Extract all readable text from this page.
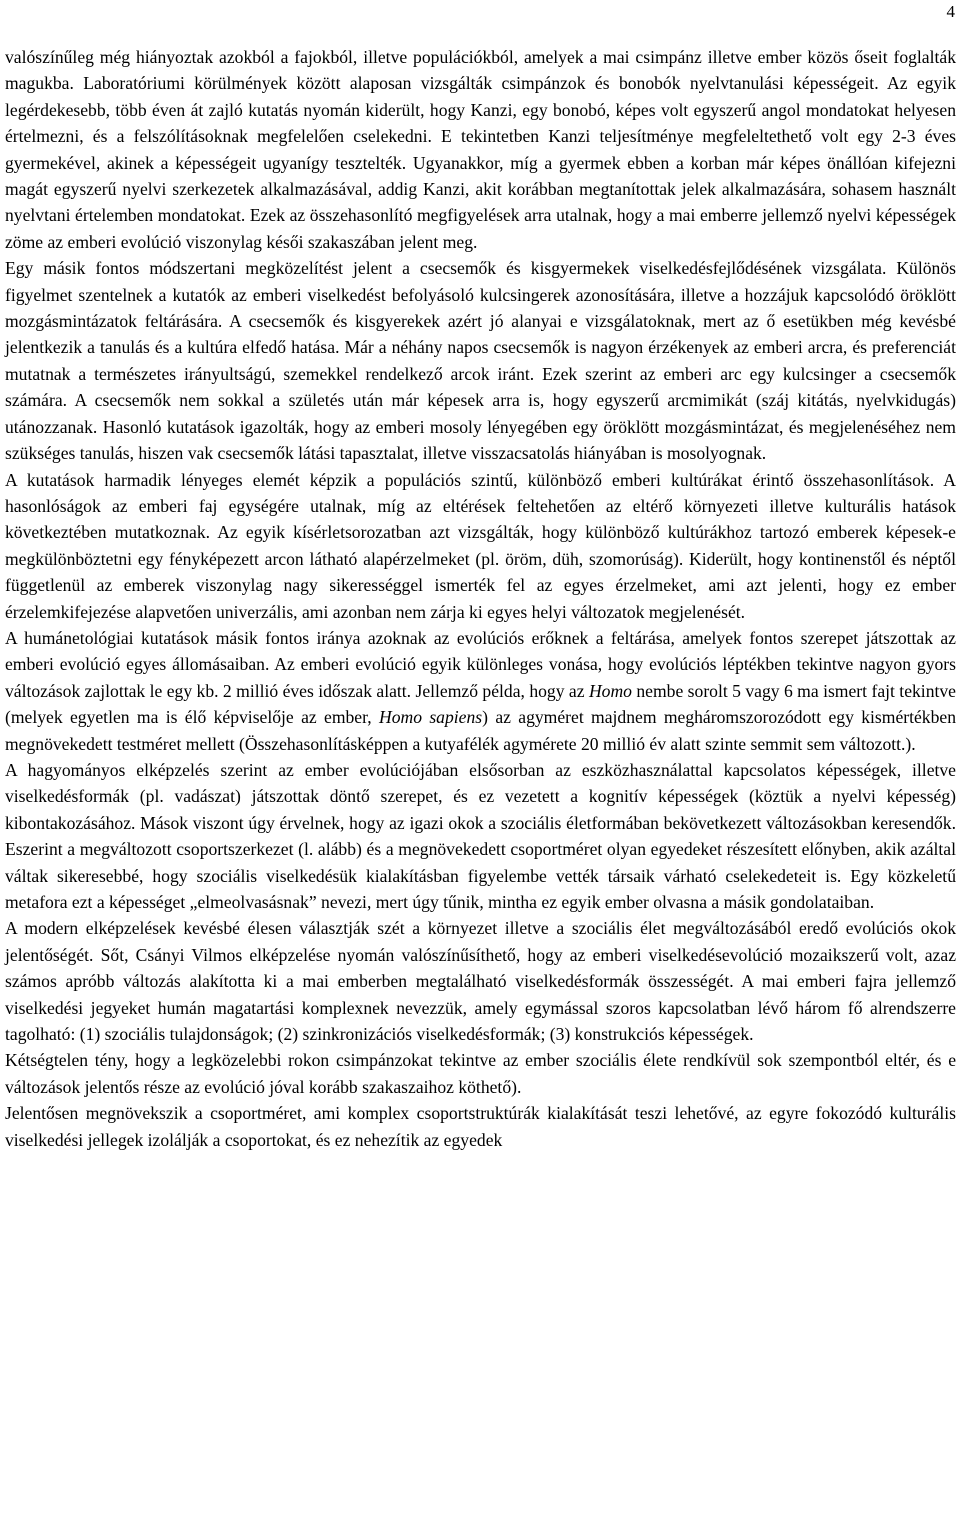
4

valószínűleg még hiányoztak azokból a fajokból, illetve populációkból, amelyek a mai csimpánz illetve ember közös őseit foglalták magukba. Laboratóriumi körülmények között alaposan vizsgálták csimpánzok és bonobók nyelvtanulási képességeit. Az egyik legérdekesebb, több éven át zajló kutatás nyomán kiderült, hogy Kanzi, egy bonobó, képes volt egyszerű angol mondatokat helyesen értelmezni, és a felszólításoknak megfelelően cselekedni. E tekintetben Kanzi teljesítménye megfeleltethető volt egy 2-3 éves gyermekével, akinek a képességeit ugyanígy tesztelték. Ugyanakkor, míg a gyermek ebben a korban már képes önállóan kifejezni magát egyszerű nyelvi szerkezetek alkalmazásával, addig Kanzi, akit korábban megtanítottak jelek alkalmazására, sohasem használt nyelvtani értelemben mondatokat. Ezek az összehasonlító megfigyelések arra utalnak, hogy a mai emberre jellemző nyelvi képességek zöme az emberi evolúció viszonylag késői szakaszában jelent meg.

Egy másik fontos módszertani megközelítést jelent a csecsemők és kisgyermekek viselkedésfejlődésének vizsgálata. Különös figyelmet szentelnek a kutatók az emberi viselkedést befolyásoló kulcsingerek azonosítására, illetve a hozzájuk kapcsolódó öröklött mozgásmintázatok feltárására. A csecsemők és kisgyerekek azért jó alanyai e vizsgálatoknak, mert az ő esetükben még kevésbé jelentkezik a tanulás és a kultúra elfedő hatása. Már a néhány napos csecsemők is nagyon érzékenyek az emberi arcra, és preferenciát mutatnak a természetes irányultságú, szemekkel rendelkező arcok iránt. Ezek szerint az emberi arc egy kulcsinger a csecsemők számára. A csecsemők nem sokkal a születés után már képesek arra is, hogy egyszerű arcmimikát (száj kitátás, nyelvkidugás) utánozzanak. Hasonló kutatások igazolták, hogy az emberi mosoly lényegében egy öröklött mozgásmintázat, és megjelenéséhez nem szükséges tanulás, hiszen vak csecsemők látási tapasztalat, illetve visszacsatolás hiányában is mosolyognak.

A kutatások harmadik lényeges elemét képzik a populációs szintű, különböző emberi kultúrákat érintő összehasonlítások. A hasonlóságok az emberi faj egységére utalnak, míg az eltérések feltehetően az eltérő környezeti illetve kulturális hatások következtében mutatkoznak. Az egyik kísérletsorozatban azt vizsgálták, hogy különböző kultúrákhoz tartozó emberek képesek-e megkülönböztetni egy fényképezett arcon látható alapérzelmeket (pl. öröm, düh, szomorúság). Kiderült, hogy kontinenstől és néptől függetlenül az emberek viszonylag nagy sikerességgel ismerték fel az egyes érzelmeket, ami azt jelenti, hogy ez ember érzelemkifejezése alapvetően univerzális, ami azonban nem zárja ki egyes helyi változatok megjelenését.

A humánetológiai kutatások másik fontos iránya azoknak az evolúciós erőknek a feltárása, amelyek fontos szerepet játszottak az emberi evolúció egyes állomásaiban. Az emberi evolúció egyik különleges vonása, hogy evolúciós léptékben tekintve nagyon gyors változások zajlottak le egy kb. 2 millió éves időszak alatt. Jellemző példa, hogy az Homo nembe sorolt 5 vagy 6 ma ismert fajt tekintve (melyek egyetlen ma is élő képviselője az ember, Homo sapiens) az agyméret majdnem megháromszorozódott egy kismértékben megnövekedett testméret mellett (Összehasonlításképpen a kutyafélék agymérete 20 millió év alatt szinte semmit sem változott.).

A hagyományos elképzelés szerint az ember evolúciójában elsősorban az eszközhasználattal kapcsolatos képességek, illetve viselkedésformák (pl. vadászat) játszottak döntő szerepet, és ez vezetett a kognitív képességek (köztük a nyelvi képesség) kibontakozásához. Mások viszont úgy érvelnek, hogy az igazi okok a szociális életformában bekövetkezett változásokban keresendők. Eszerint a megváltozott csoportszerkezet (l. alább) és a megnövekedett csoportméret olyan egyedeket részesített előnyben, akik azáltal váltak sikeresebbé, hogy szociális viselkedésük kialakításban figyelembe vették társaik várható cselekedeteit is. Egy közkeletű metafora ezt a képességet „elmeolvasásnak” nevezi, mert úgy tűnik, mintha ez egyik ember olvasna a másik gondolataiban.

A modern elképzelések kevésbé élesen választják szét a környezet illetve a szociális élet megváltozásából eredő evolúciós okok jelentőségét. Sőt, Csányi Vilmos elképzelése nyomán valószínűsíthető, hogy az emberi viselkedésevolúció mozaikszerű volt, azaz számos apróbb változás alakította ki a mai emberben megtalálható viselkedésformák összességét. A mai emberi fajra jellemző viselkedési jegyeket humán magatartási komplexnek nevezzük, amely egymással szoros kapcsolatban lévő három fő alrendszerre tagolható: (1) szociális tulajdonságok; (2) szinkronizációs viselkedésformák; (3) konstrukciós képességek.

Kétségtelen tény, hogy a legközelebbi rokon csimpánzokat tekintve az ember szociális élete rendkívül sok szempontból eltér, és e változások jelentős része az evolúció jóval korább szakaszaihoz köthető).

Jelentősen megnövekszik a csoportméret, ami komplex csoportstruktúrák kialakítását teszi lehetővé, az egyre fokozódó kulturális viselkedési jellegek izolálják a csoportokat, és ez nehezítik az egyedek
